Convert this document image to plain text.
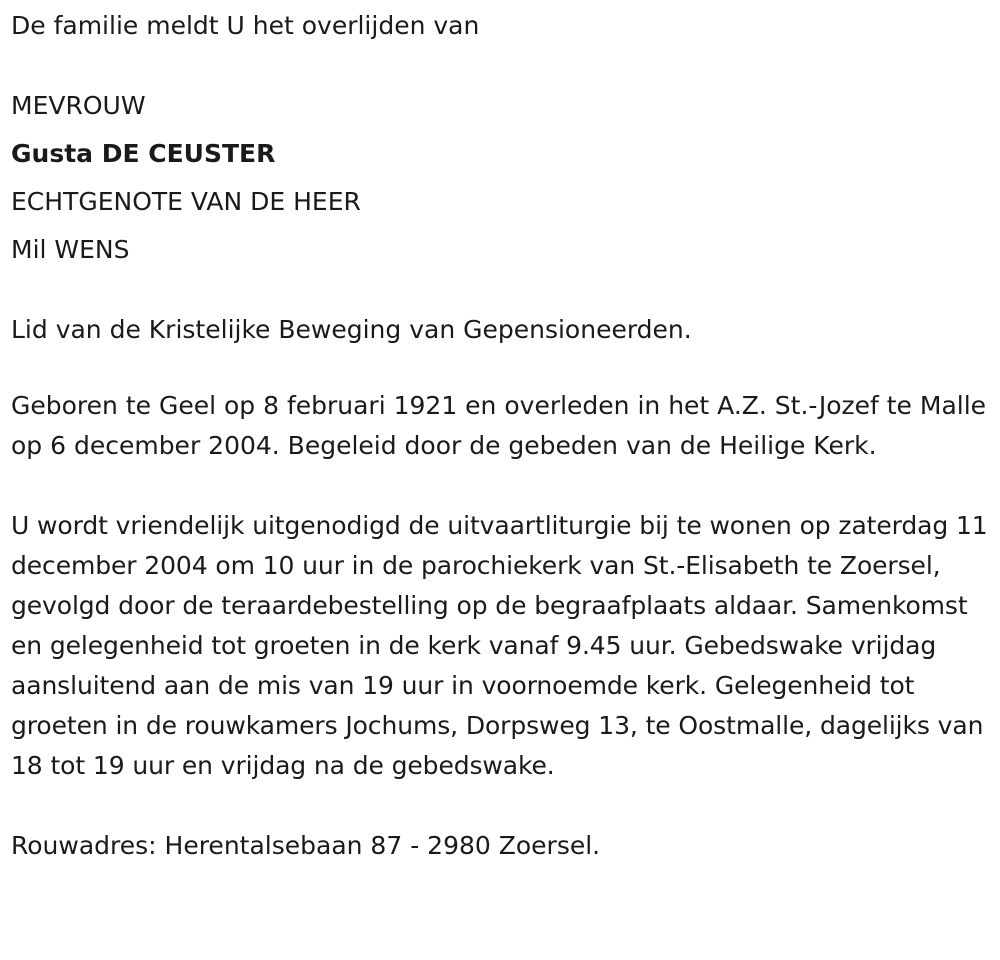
De familie meldt U het overlijden van

MEVROUW

Gusta DE CEUSTER

ECHTGENOTE VAN DE HEER

Mil WENS

Lid van de Kristelijke Beweging van Gepensioneerden.

Geboren te Geel op 8 februari 1921 en overleden in het A.Z. St.-Jozef te Malle op 6 december 2004. Begeleid door de gebeden van de Heilige Kerk.

U wordt vriendelijk uitgenodigd de uitvaartliturgie bij te wonen op zaterdag 11 december 2004 om 10 uur in de parochiekerk van St.-Elisabeth te Zoersel, gevolgd door de teraardebestelling op de begraafplaats aldaar. Samenkomst en gelegenheid tot groeten in de kerk vanaf 9.45 uur. Gebedswake vrijdag aansluitend aan de mis van 19 uur in voornoemde kerk. Gelegenheid tot groeten in de rouwkamers Jochums, Dorpsweg 13, te Oostmalle, dagelijks van 18 tot 19 uur en vrijdag na de gebedswake.

Rouwadres: Herentalsebaan 87 - 2980 Zoersel.
